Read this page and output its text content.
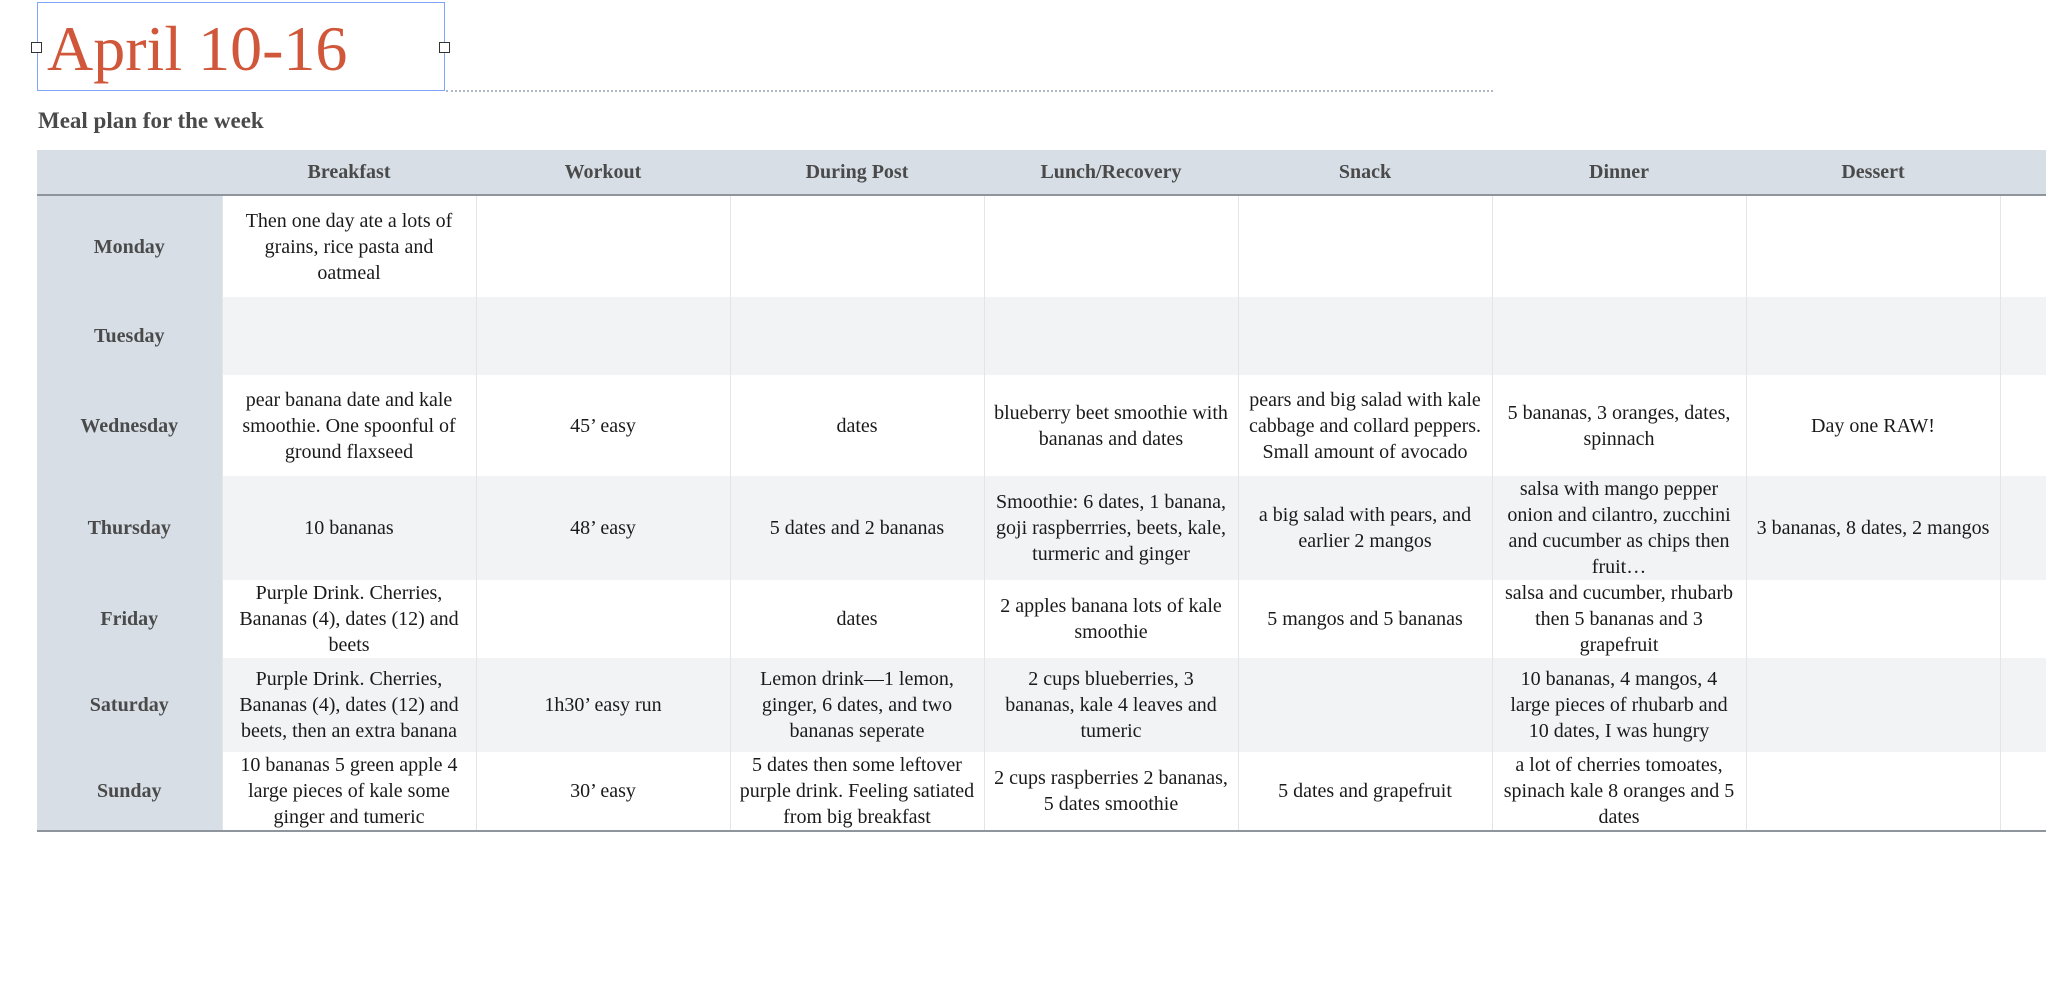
April 10-16
Meal plan for the week
	Breakfast	Workout	During Post	Lunch/Recovery	Snack	Dinner	Dessert	
Monday	Then one day ate a lots of grains, rice pasta and oatmeal							
Tuesday								
Wednesday	pear banana date and kale smoothie. One spoonful of ground flaxseed	45’ easy	dates	blueberry beet smoothie with bananas and dates	pears and big salad with kale cabbage and collard peppers. Small amount of avocado	5 bananas, 3 oranges, dates, spinnach	Day one RAW!	
Thursday	10 bananas	48’ easy	5 dates and 2 bananas	Smoothie: 6 dates, 1 banana, goji raspberrries, beets, kale, turmeric and ginger	a big salad with pears, and earlier 2 mangos	salsa with mango pepper onion and cilantro, zucchini and cucumber as chips then fruit…	3 bananas, 8 dates, 2 mangos	
Friday	Purple Drink. Cherries, Bananas (4), dates (12) and beets		dates	2 apples banana lots of kale smoothie	5 mangos and 5 bananas	salsa and cucumber, rhubarb then 5 bananas and 3 grapefruit		
Saturday	Purple Drink. Cherries, Bananas (4), dates (12) and beets, then an extra banana	1h30’ easy run	Lemon drink—1 lemon, ginger, 6 dates, and two bananas seperate	2 cups blueberries, 3 bananas, kale 4 leaves and tumeric		10 bananas, 4 mangos, 4 large pieces of rhubarb and 10 dates, I was hungry		
Sunday	10 bananas 5 green apple 4 large pieces of kale some ginger and tumeric	30’ easy	5 dates then some leftover purple drink. Feeling satiated from big breakfast	2 cups raspberries 2 bananas, 5 dates smoothie	5 dates and grapefruit	a lot of cherries tomoates, spinach kale 8 oranges and 5 dates		
